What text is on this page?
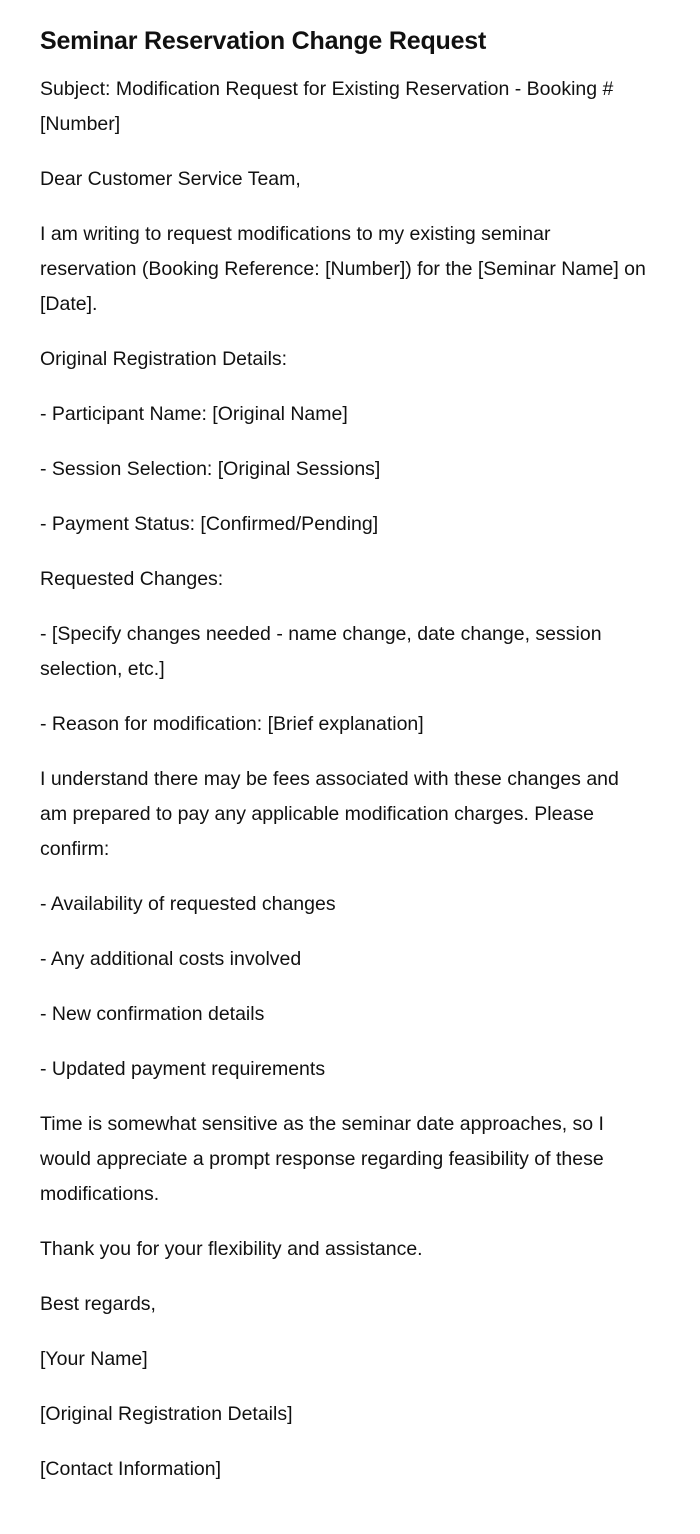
Seminar Reservation Change Request

Subject: Modification Request for Existing Reservation - Booking #[Number]

Dear Customer Service Team,

I am writing to request modifications to my existing seminar reservation (Booking Reference: [Number]) for the [Seminar Name] on [Date].

Original Registration Details:

- Participant Name: [Original Name]

- Session Selection: [Original Sessions]

- Payment Status: [Confirmed/Pending]

Requested Changes:

- [Specify changes needed - name change, date change, session selection, etc.]

- Reason for modification: [Brief explanation]

I understand there may be fees associated with these changes and am prepared to pay any applicable modification charges. Please confirm:

- Availability of requested changes

- Any additional costs involved

- New confirmation details

- Updated payment requirements

Time is somewhat sensitive as the seminar date approaches, so I would appreciate a prompt response regarding feasibility of these modifications.

Thank you for your flexibility and assistance.

Best regards,

[Your Name]

[Original Registration Details]

[Contact Information]
